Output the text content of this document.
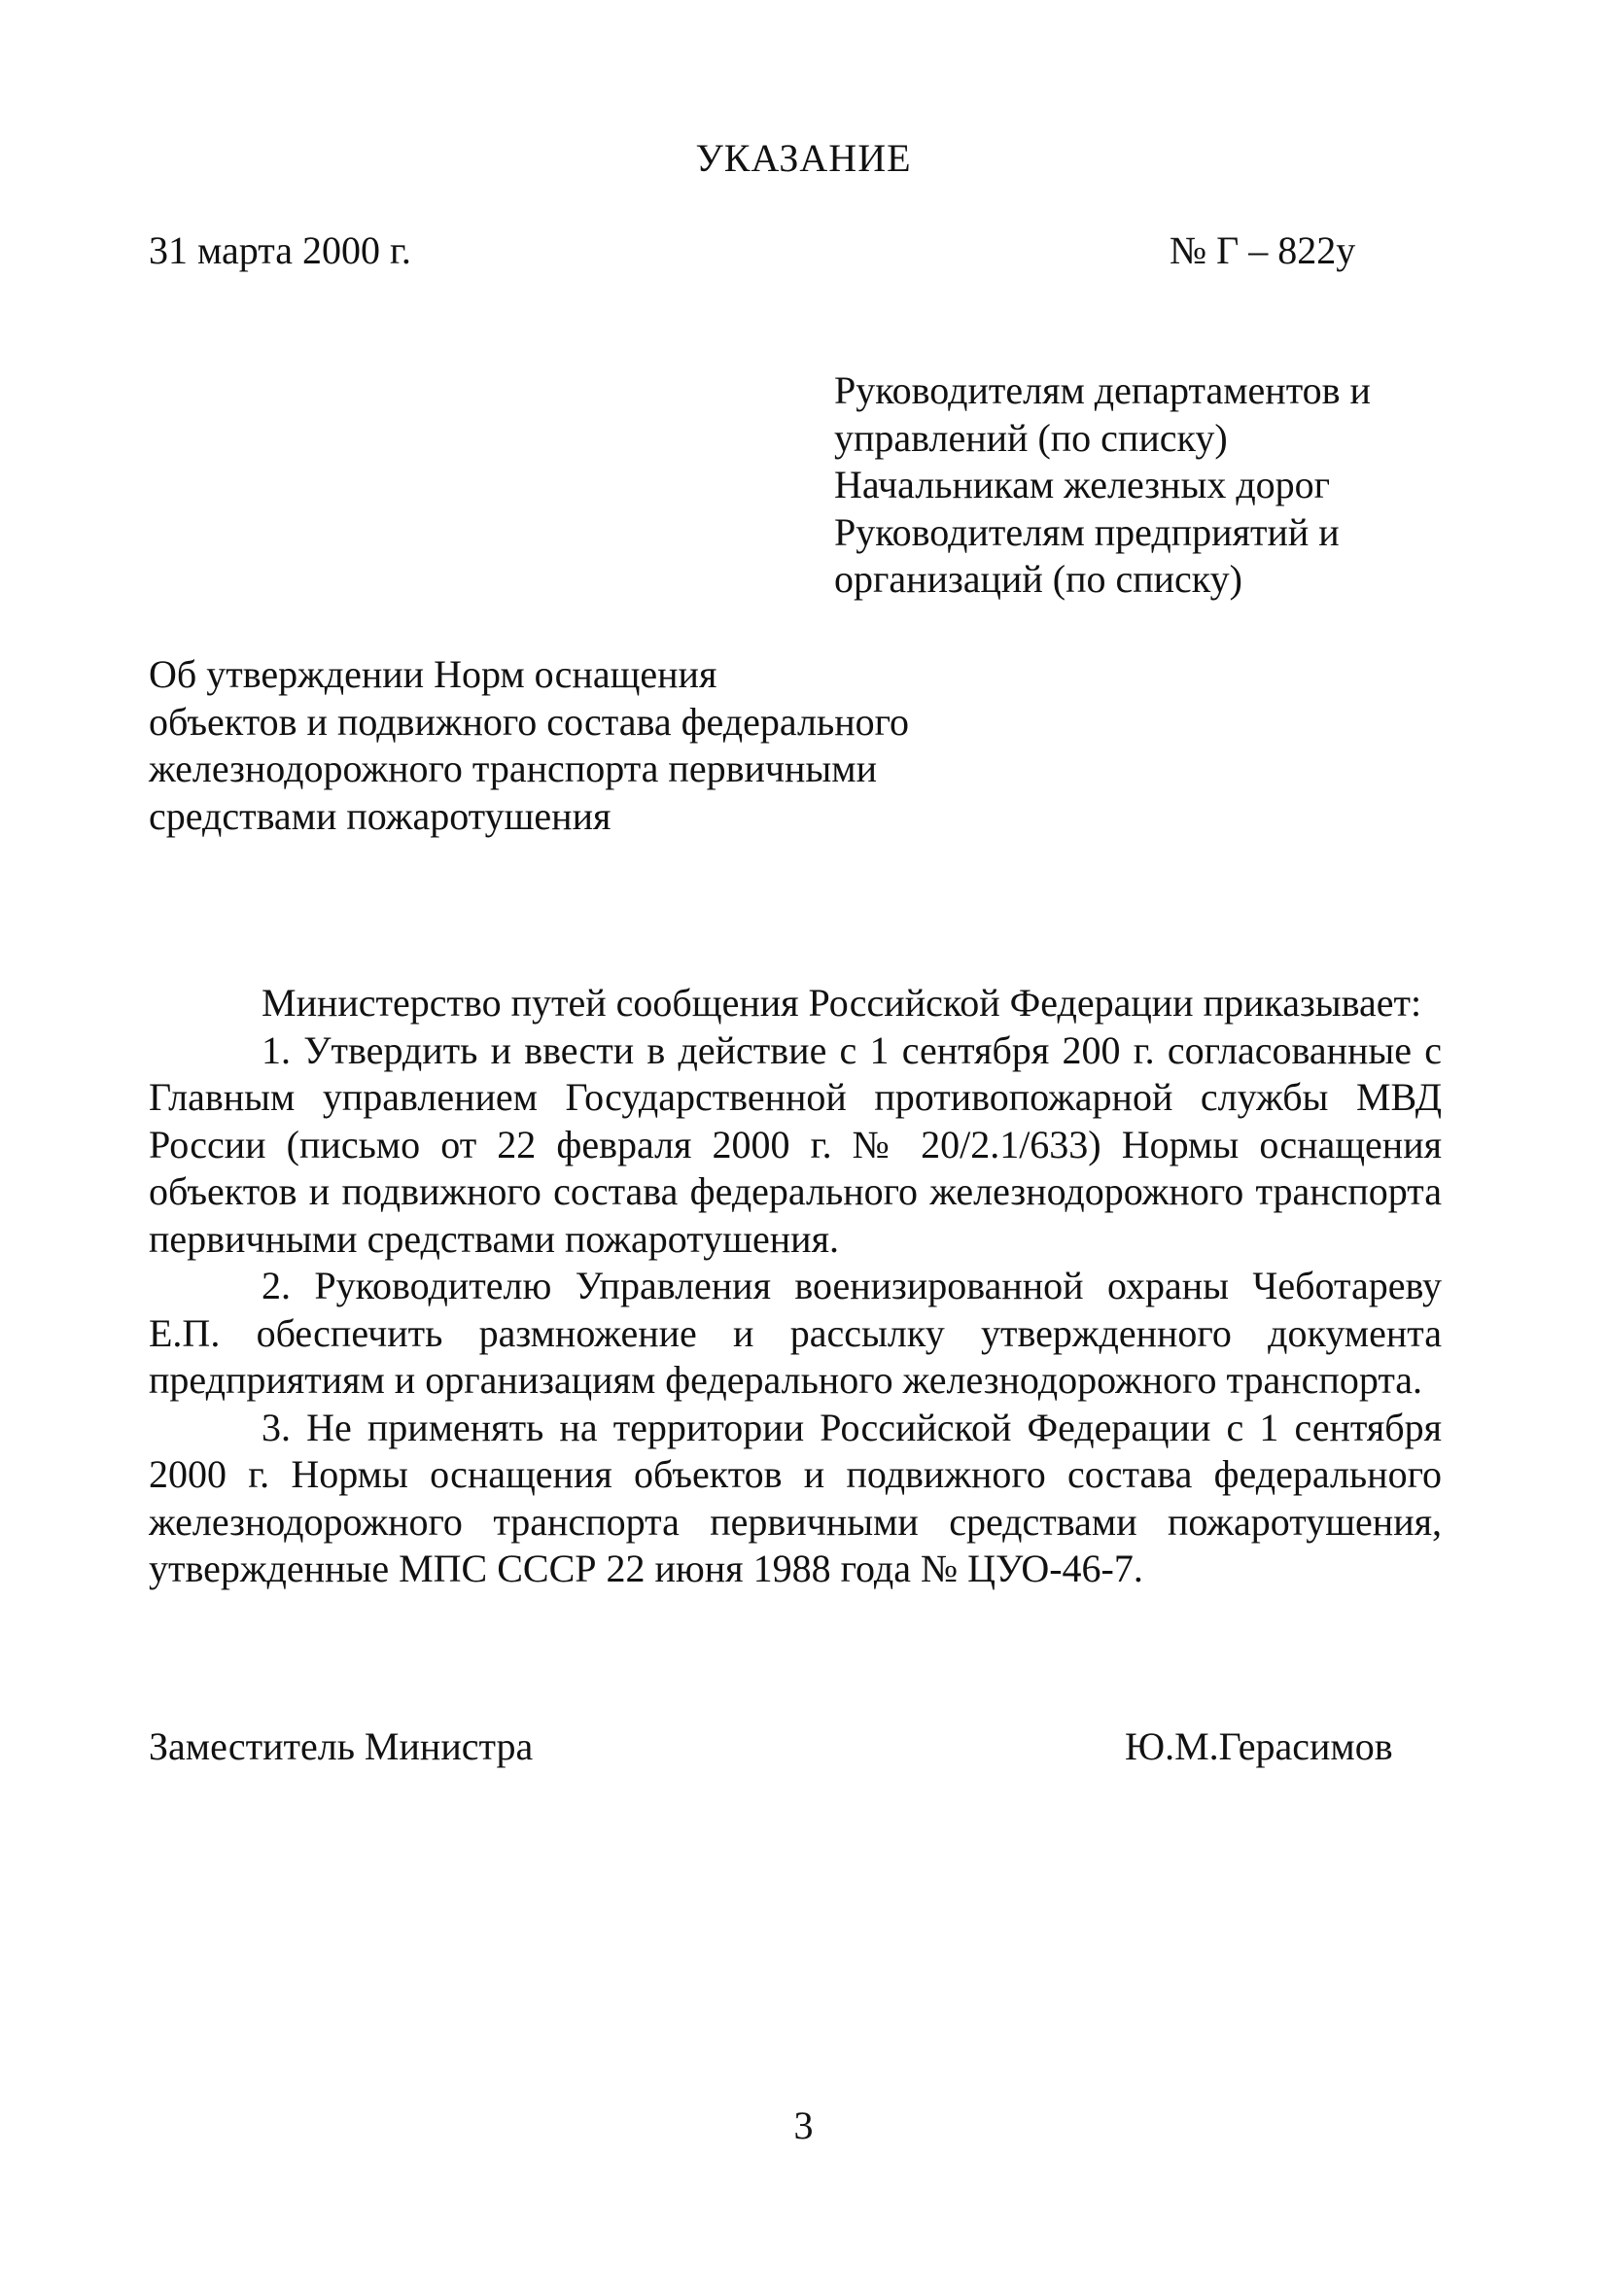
УКАЗАНИЕ
31 марта 2000 г.	№ Г – 822у
Руководителям департаментов и
управлений (по списку)
Начальникам железных дорог
Руководителям предприятий и
организаций (по списку)
Об утверждении Норм оснащения
объектов и подвижного состава федерального
железнодорожного транспорта первичными
средствами пожаротушения

Министерство путей сообщения Российской Федерации приказывает:

1. Утвердить и ввести в действие с 1 сентября 200 г. согласованные с Главным управлением Государственной противопожарной службы МВД России (письмо от 22 февраля 2000 г. № 20/2.1/633) Нормы оснащения объектов и подвижного состава федерального железнодорожного транспорта первичными средствами пожаротушения.

2. Руководителю Управления военизированной охраны Чеботареву Е.П. обеспечить размножение и рассылку утвержденного документа предприятиям и организациям федерального железнодорожного транспорта.

3. Не применять на территории Российской Федерации с 1 сентября 2000 г. Нормы оснащения объектов и подвижного состава федерального железнодорожного транспорта первичными средствами пожаротушения, утвержденные МПС СССР 22 июня 1988 года № ЦУО-46-7.

Заместитель Министра	Ю.М.Герасимов
3
